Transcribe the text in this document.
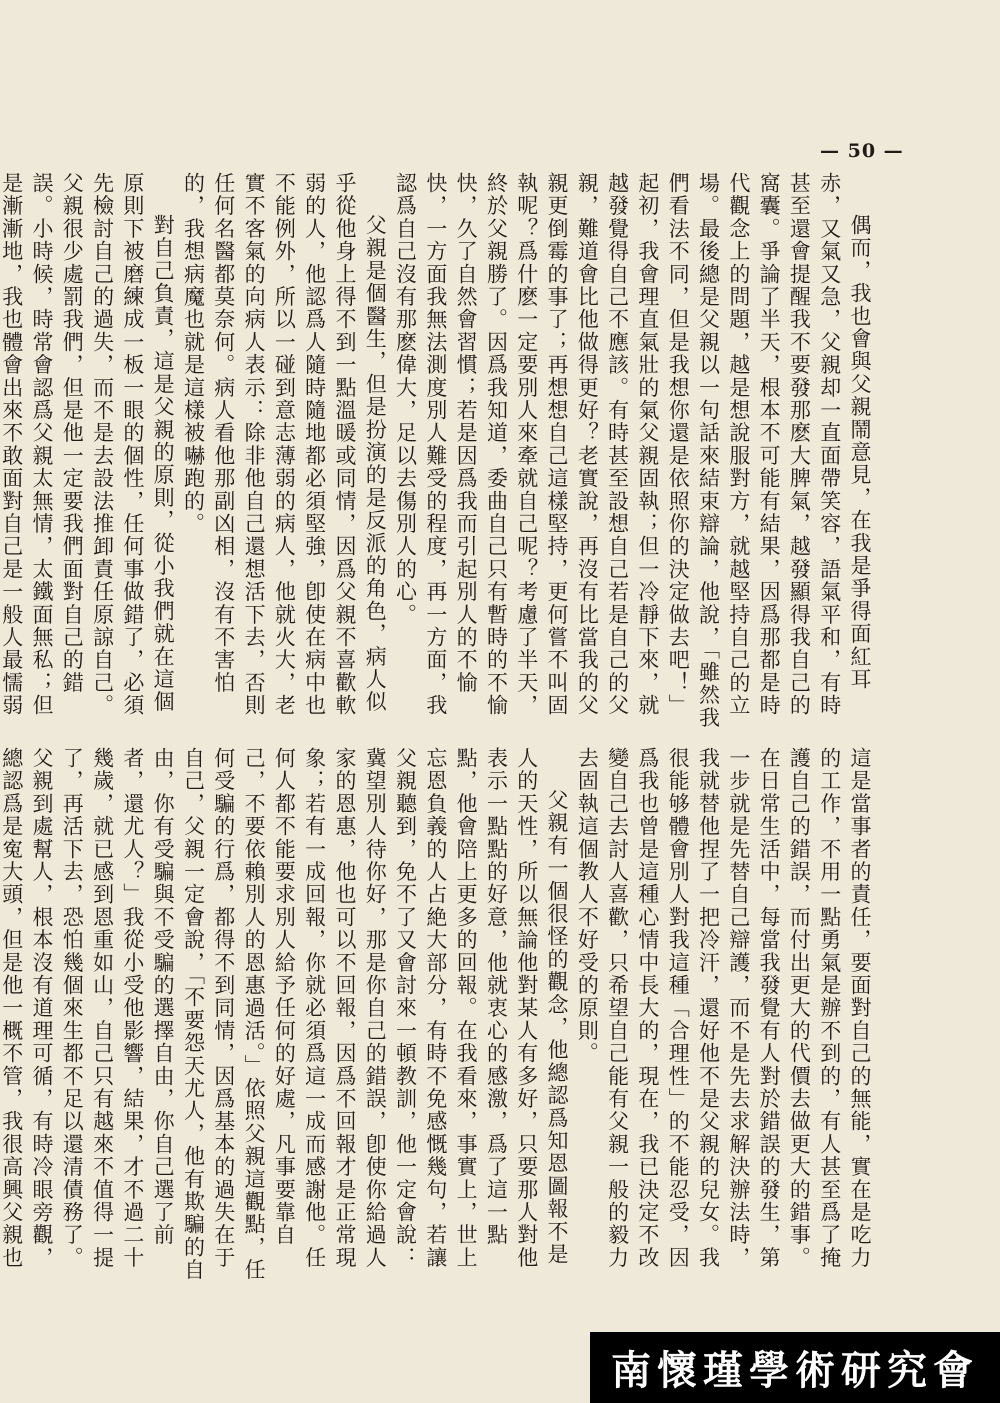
— 50 —

偶而，我也會與父親鬧意見，在我是爭得面紅耳赤，又氣又急，父親却一直面帶笑容，語氣平和，有時甚至還會提醒我不要發那麽大脾氣，越發顯得我自己的窩囊。爭論了半天，根本不可能有結果，因爲那都是時代觀念上的問題，越是想說服對方，就越堅持自己的立場。最後總是父親以一句話來結束辯論，他說，「雖然我們看法不同，但是我想你還是依照你的決定做去吧！」起初，我會理直氣壯的氣父親固執；但一冷靜下來，就越發覺得自己不應該。有時甚至設想自己若是自己的父親，難道會比他做得更好？老實說，再沒有比當我的父親更倒霉的事了；再想想自己這樣堅持，更何嘗不叫固執呢？爲什麽一定要別人來牽就自己呢？考慮了半天，終於父親勝了。因爲我知道，委曲自己只有暫時的不愉快，久了自然會習慣；若是因爲我而引起別人的不愉快，一方面我無法測度別人難受的程度，再一方面，我認爲自己沒有那麽偉大，足以去傷別人的心。

父親是個醫生，但是扮演的是反派的角色，病人似乎從他身上得不到一點溫暖或同情，因爲父親不喜歡軟弱的人，他認爲人隨時隨地都必須堅強，卽使在病中也不能例外，所以一碰到意志薄弱的病人，他就火大，老實不客氣的向病人表示：除非他自己還想活下去，否則任何名醫都莫奈何。病人看他那副凶相，沒有不害怕的，我想病魔也就是這樣被嚇跑的。

對自己負責，這是父親的原則，從小我們就在這個原則下被磨練成一板一眼的個性，任何事做錯了，必須先檢討自己的過失，而不是去設法推卸責任原諒自己。父親很少處罰我們，但是他一定要我們面對自己的錯誤。小時候，時常會認爲父親太無情，太鐵面無私；但是漸漸地，我也體會出來不敢面對自己是一般人最懦弱

這是當事者的責任，要面對自己的無能，實在是吃力的工作，不用一點勇氣是辦不到的，有人甚至爲了掩護自己的錯誤，而付出更大的代價去做更大的錯事。在日常生活中，每當我發覺有人對於錯誤的發生，第一步就是先替自己辯護，而不是先去求解決辦法時，我就替他捏了一把冷汗，還好他不是父親的兒女。我很能够體會別人對我這種「合理性」的不能忍受，因爲我也曾是這種心情中長大的，現在，我已決定不改變自己去討人喜歡，只希望自己能有父親一般的毅力去固執這個教人不好受的原則。

父親有一個很怪的觀念，他總認爲知恩圖報不是人的天性，所以無論他對某人有多好，只要那人對他表示一點點的好意，他就衷心的感激，爲了這一點點，他會陪上更多的回報。在我看來，事實上，世上忘恩負義的人占絶大部分，有時不免感慨幾句，若讓父親聽到，免不了又會討來一頓教訓，他一定會說：冀望別人待你好，那是你自己的錯誤，卽使你給過人家的恩惠，他也可以不回報，因爲不回報才是正常現象；若有一成回報，你就必須爲這一成而感謝他。任何人都不能要求別人給予任何的好處，凡事要靠自己，不要依賴別人的恩惠過活。」依照父親這觀點，任何受騙的行爲，都得不到同情，因爲基本的過失在于自己，父親一定會說，「不要怨天尤人，他有欺騙的自由，你有受騙與不受騙的選擇自由，你自己選了前者，還尤人？」我從小受他影響，結果，才不過二十幾歲，就已感到恩重如山，自己只有越來不值得一提了，再活下去，恐怕幾個來生都不足以還清債務了。父親到處幫人，根本沒有道理可循，有時冷眼旁觀，總認爲是寃大頭，但是他一概不管，我很高興父親也

南懷瑾學術研究會
